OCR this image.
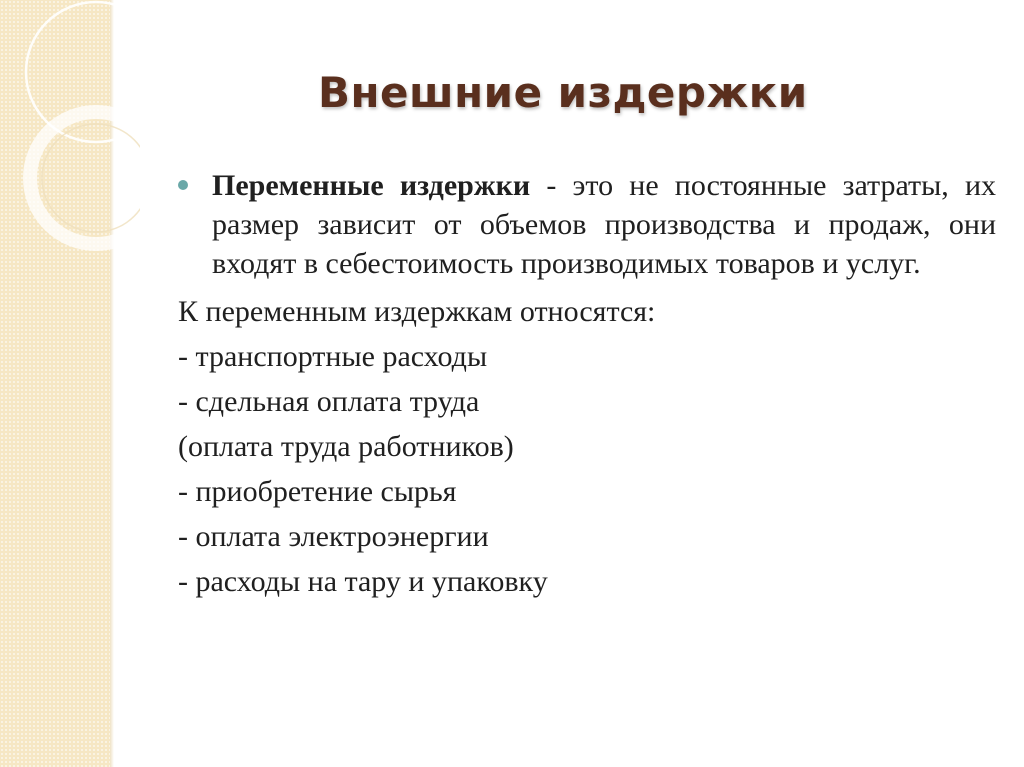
Внешние издержки
Переменные издержки - это не постоянные затраты, их размер зависит от объемов производства и продаж, они входят в себестоимость производимых товаров и услуг.
К переменным издержкам относятся:
- транспортные расходы
- сдельная оплата труда
(оплата труда работников)
- приобретение сырья
- оплата электроэнергии
- расходы на тару и упаковку
